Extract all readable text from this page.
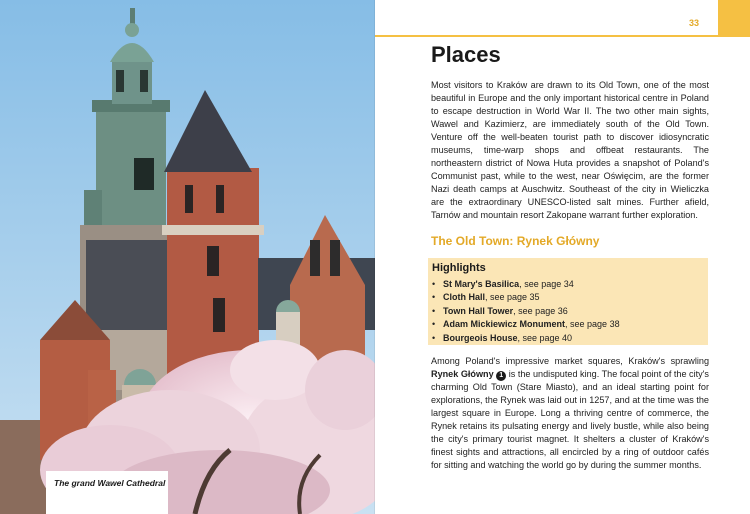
The grand Wawel Cathedral
33
Places

Most visitors to Kraków are drawn to its Old Town, one of the most beautiful in Europe and the only important historical centre in Poland to escape destruction in World War II. The two other main sights, Wawel and Kazimierz, are immediately south of the Old Town. Venture off the well-beaten tourist path to discover idiosyncratic museums, time-warp shops and offbeat restaurants. The northeastern district of Nowa Huta provides a snapshot of Poland's Communist past, while to the west, near Oświęcim, are the former Nazi death camps at Auschwitz. Southeast of the city in Wieliczka are the extraordinary UNESCO-listed salt mines. Further afield, Tarnów and mountain resort Zakopane warrant further exploration.

The Old Town: Rynek Główny
Highlights
• St Mary's Basilica, see page 34
• Cloth Hall, see page 35
• Town Hall Tower, see page 36
• Adam Mickiewicz Monument, see page 38
• Bourgeois House, see page 40

Among Poland's impressive market squares, Kraków's sprawling Rynek Główny 1 is the undisputed king. The focal point of the city's charming Old Town (Stare Miasto), and an ideal starting point for explorations, the Rynek was laid out in 1257, and at the time was the largest square in Europe. Long a thriving centre of commerce, the Rynek retains its pulsating energy and lively bustle, while also being the city's primary tourist magnet. It shelters a cluster of Kraków's finest sights and attractions, all encircled by a ring of outdoor cafés for sitting and watching the world go by during the summer months.
